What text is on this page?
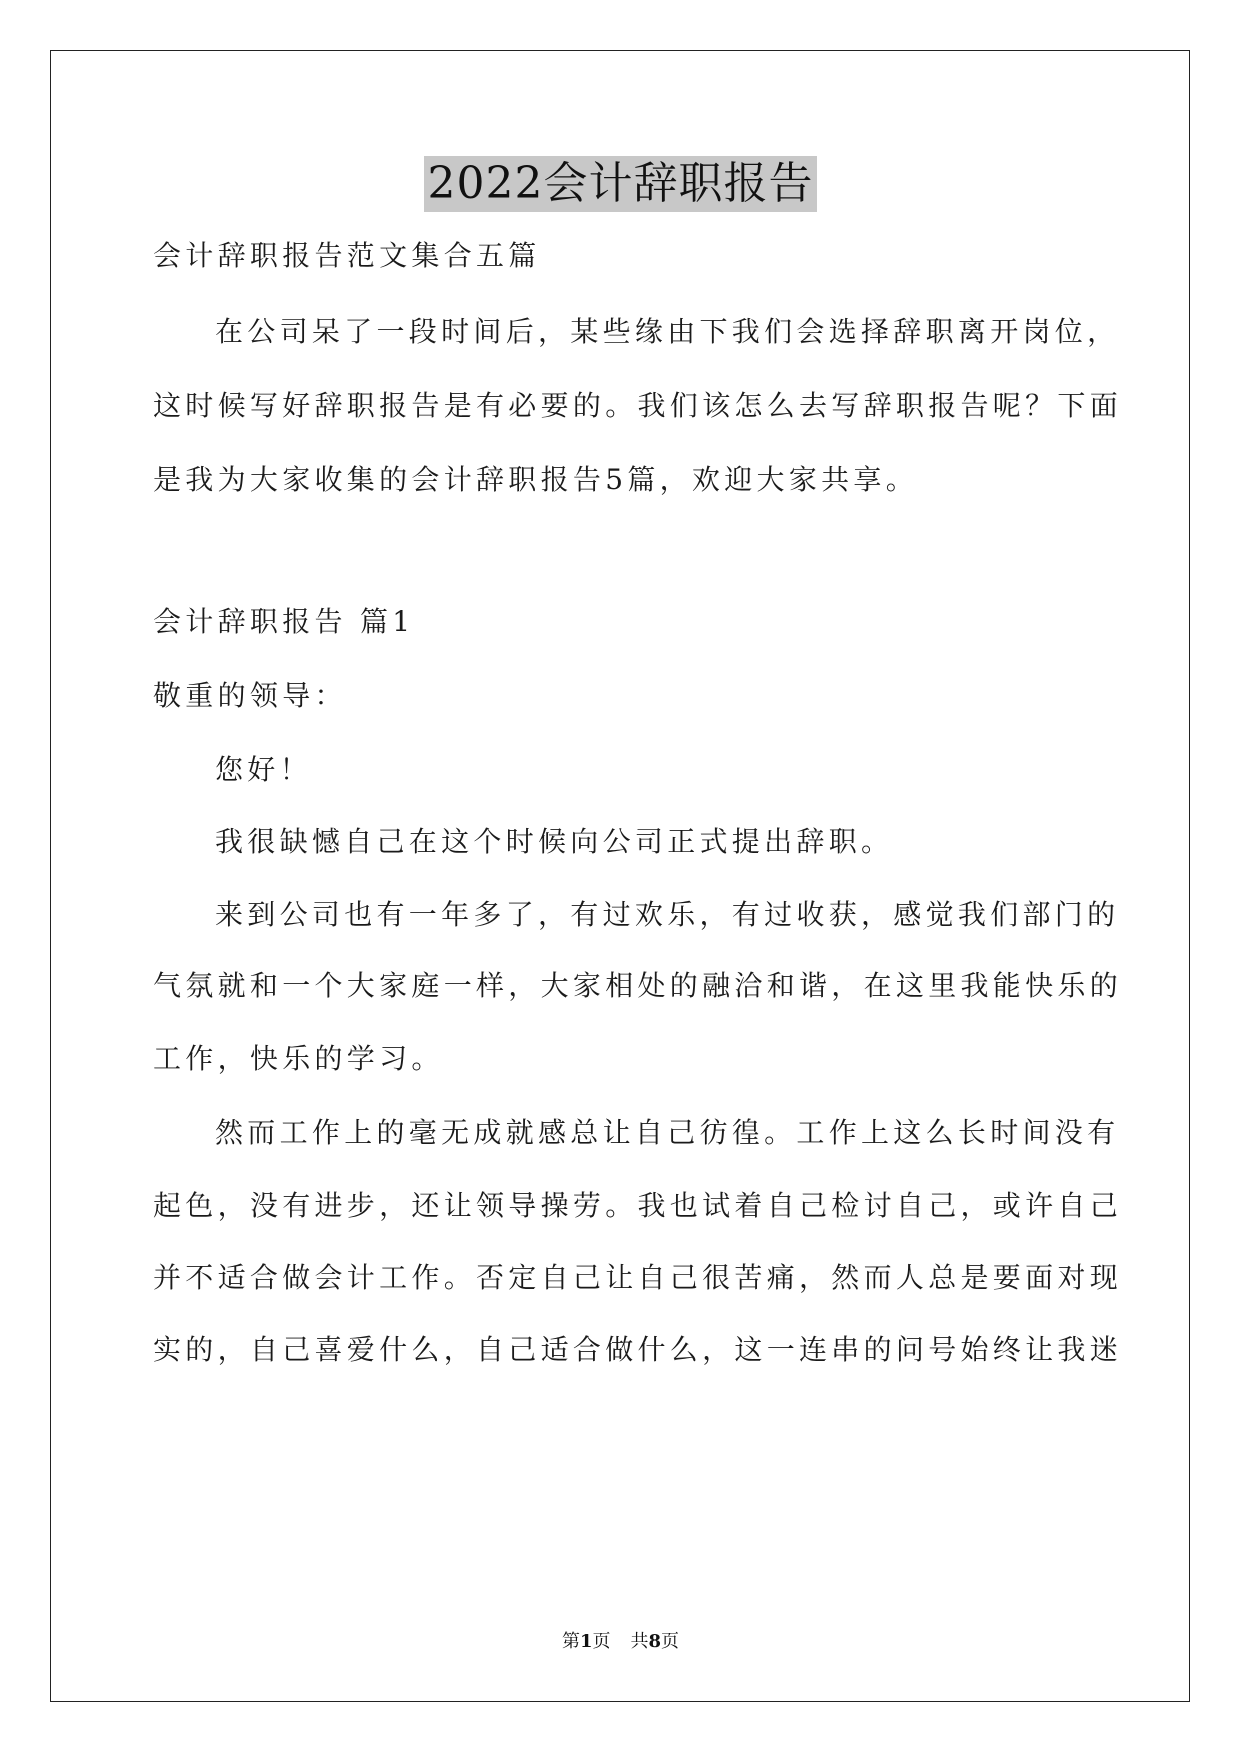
2022会计辞职报告
会计辞职报告范文集合五篇
在公司呆了一段时间后，某些缘由下我们会选择辞职离开岗位，
这时候写好辞职报告是有必要的。我们该怎么去写辞职报告呢？下面
是我为大家收集的会计辞职报告5篇，欢迎大家共享。
会计辞职报告 篇1
敬重的领导：
您好！
我很缺憾自己在这个时候向公司正式提出辞职。
来到公司也有一年多了，有过欢乐，有过收获，感觉我们部门的
气氛就和一个大家庭一样，大家相处的融洽和谐，在这里我能快乐的
工作，快乐的学习。
然而工作上的毫无成就感总让自己彷徨。工作上这么长时间没有
起色，没有进步，还让领导操劳。我也试着自己检讨自己，或许自己
并不适合做会计工作。否定自己让自己很苦痛，然而人总是要面对现
实的，自己喜爱什么，自己适合做什么，这一连串的问号始终让我迷
第1页 共8页
